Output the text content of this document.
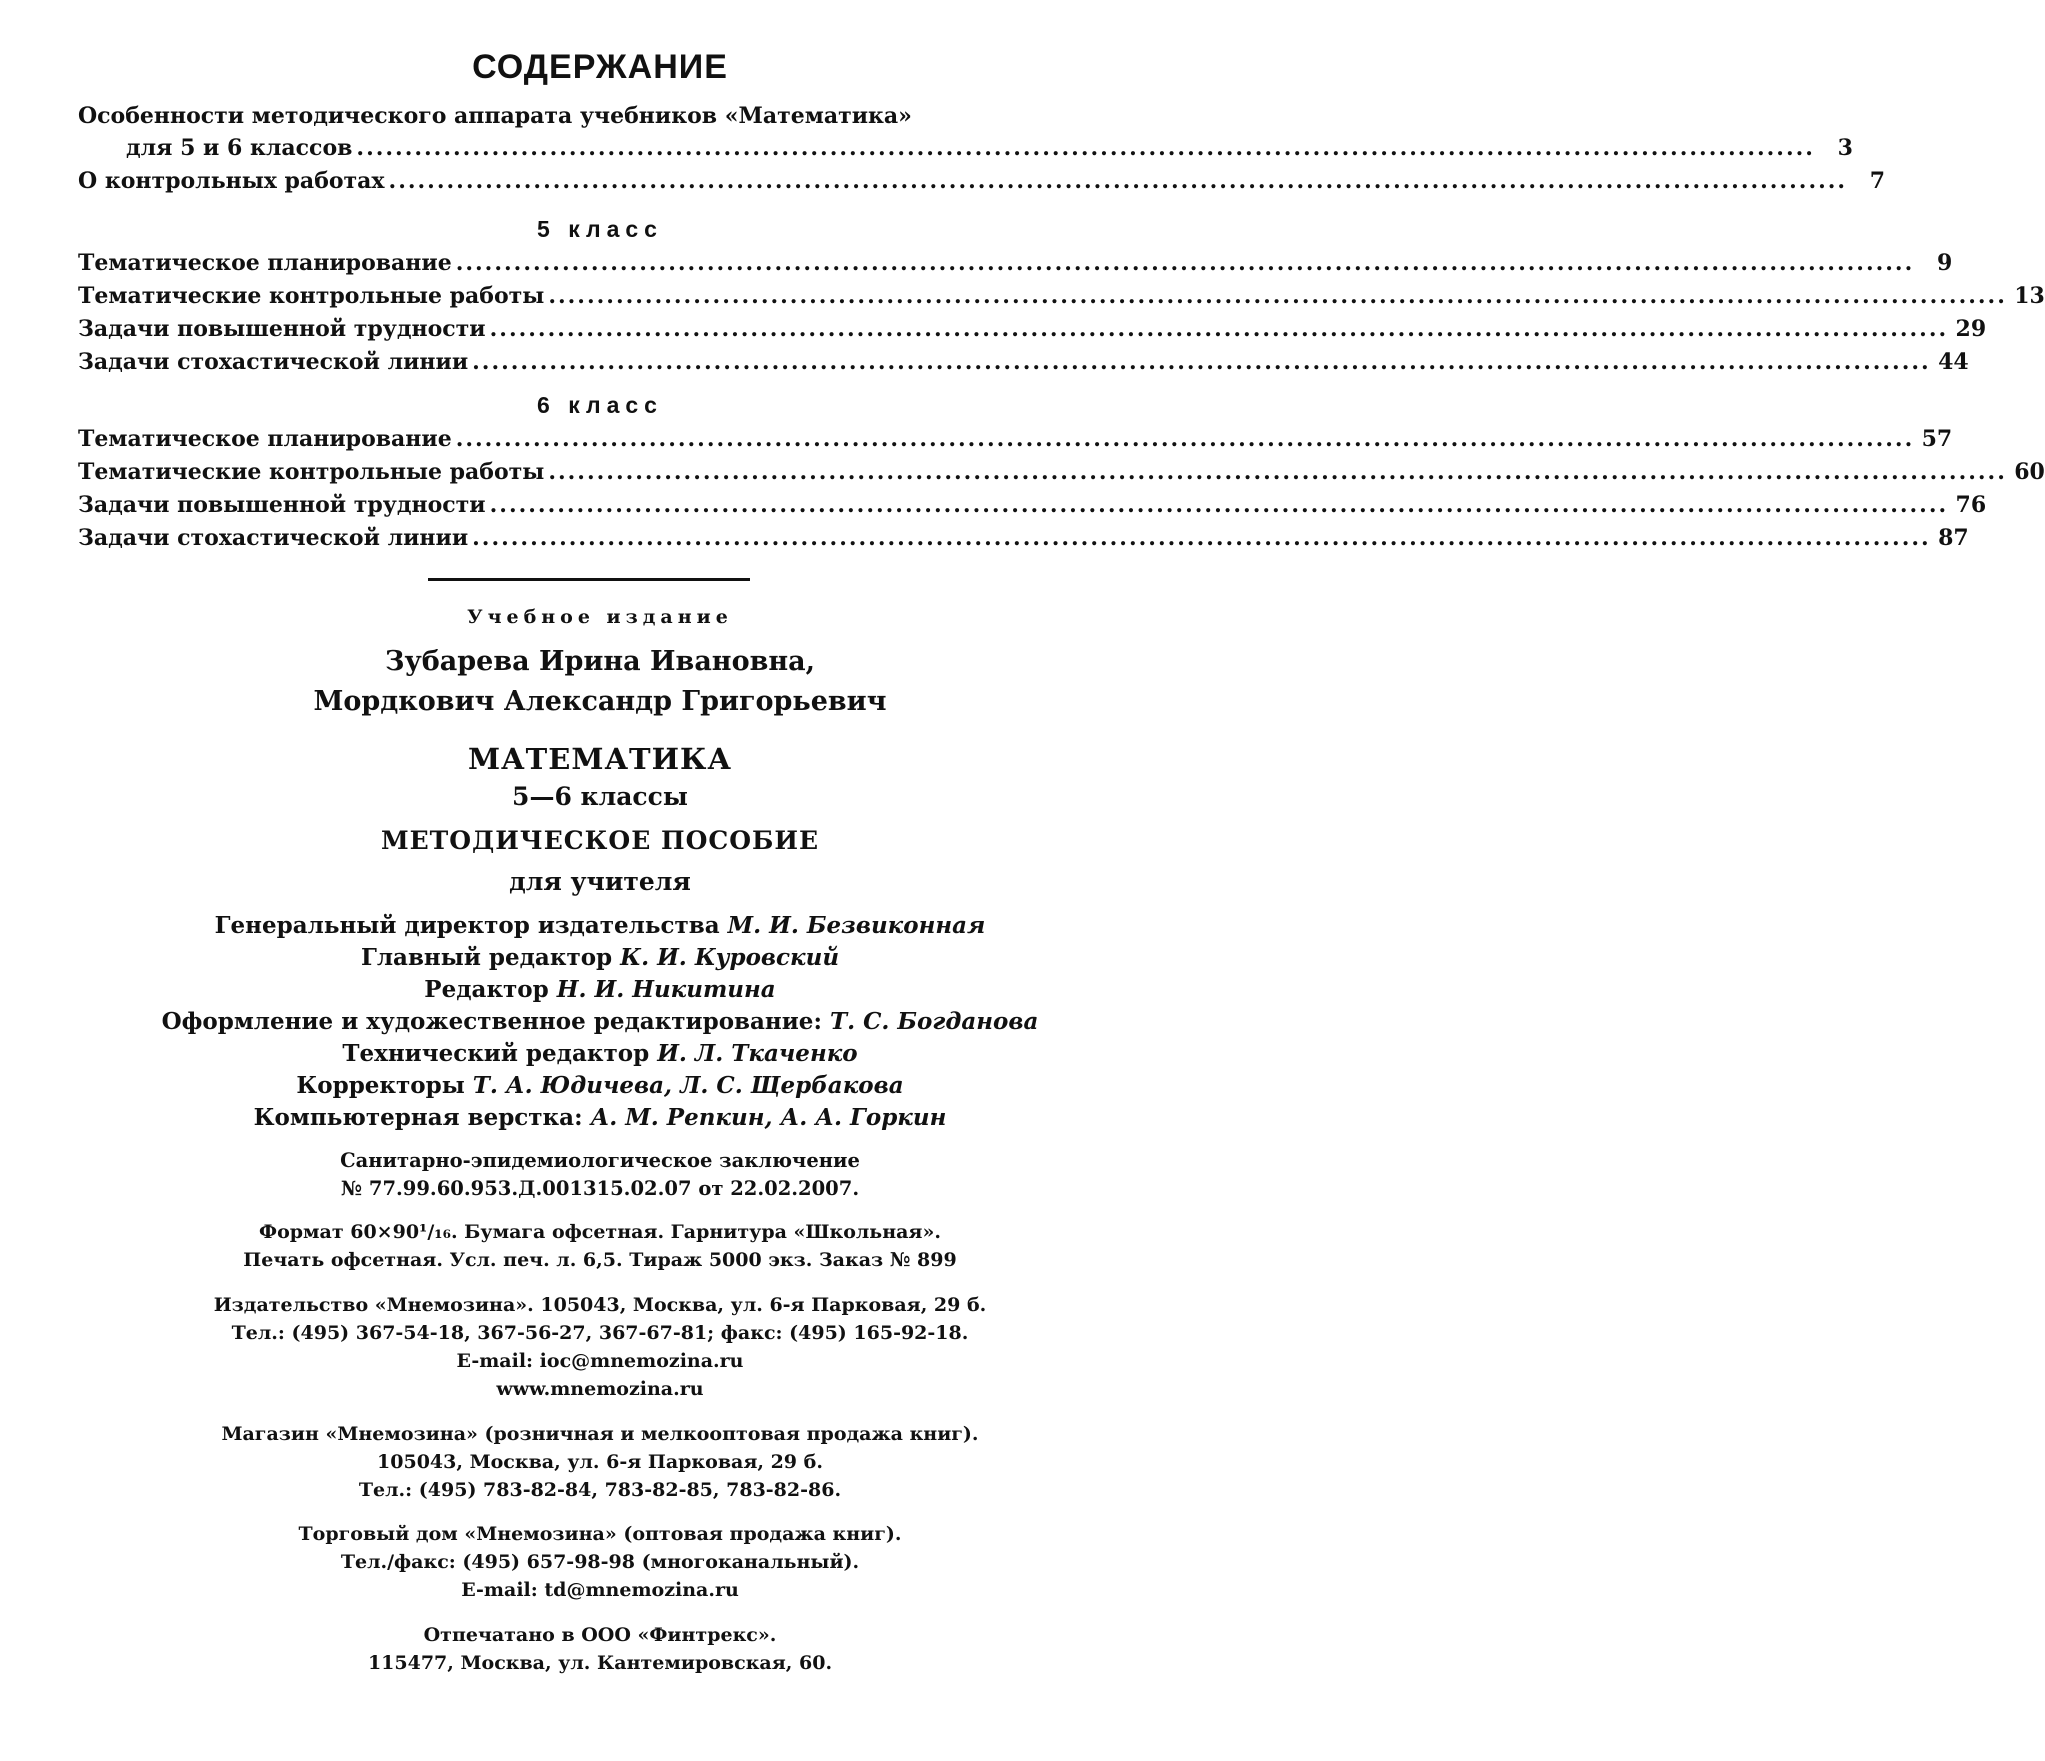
СОДЕРЖАНИЕ
Особенности методического аппарата учебников «Математика»
для 5 и 6 классов .......................................................................................................................................................	3
О контрольных работах .......................................................................................................................................................	7
Тематическое планирование .......................................................................................................................................................	9
Тематические контрольные работы ....................................................................................................................................................... 13
Задачи повышенной трудности ....................................................................................................................................................... 29
Задачи стохастической линии ....................................................................................................................................................... 44
Тематическое планирование ....................................................................................................................................................... 57
Тематические контрольные работы ....................................................................................................................................................... 60
Задачи повышенной трудности ....................................................................................................................................................... 76
Задачи стохастической линии ....................................................................................................................................................... 87
5 класс
6 класс
Учебное издание
Зубарева Ирина Ивановна,
Мордкович Александр Григорьевич
МАТЕМАТИКА
5—6 классы
МЕТОДИЧЕСКОЕ ПОСОБИЕ
для учителя
Генеральный директор издательства М. И. Безвиконная
Главный редактор К. И. Куровский
Редактор Н. И. Никитина
Оформление и художественное редактирование: Т. С. Богданова
Технический редактор И. Л. Ткаченко
Корректоры Т. А. Юдичева, Л. С. Щербакова
Компьютерная верстка: А. М. Репкин, А. А. Горкин
Санитарно-эпидемиологическое заключение
№ 77.99.60.953.Д.001315.02.07 от 22.02.2007.
Формат 60×90¹/₁₆. Бумага офсетная. Гарнитура «Школьная».
Печать офсетная. Усл. печ. л. 6,5. Тираж 5000 экз. Заказ № 899
Издательство «Мнемозина». 105043, Москва, ул. 6-я Парковая, 29 б.
Тел.: (495) 367-54-18, 367-56-27, 367-67-81; факс: (495) 165-92-18.
E-mail: ioc@mnemozina.ru
www.mnemozina.ru
Магазин «Мнемозина» (розничная и мелкооптовая продажа книг).
105043, Москва, ул. 6-я Парковая, 29 б.
Тел.: (495) 783-82-84, 783-82-85, 783-82-86.
Торговый дом «Мнемозина» (оптовая продажа книг).
Тел./факс: (495) 657-98-98 (многоканальный).
E-mail: td@mnemozina.ru
Отпечатано в ООО «Финтрекс».
115477, Москва, ул. Кантемировская, 60.
